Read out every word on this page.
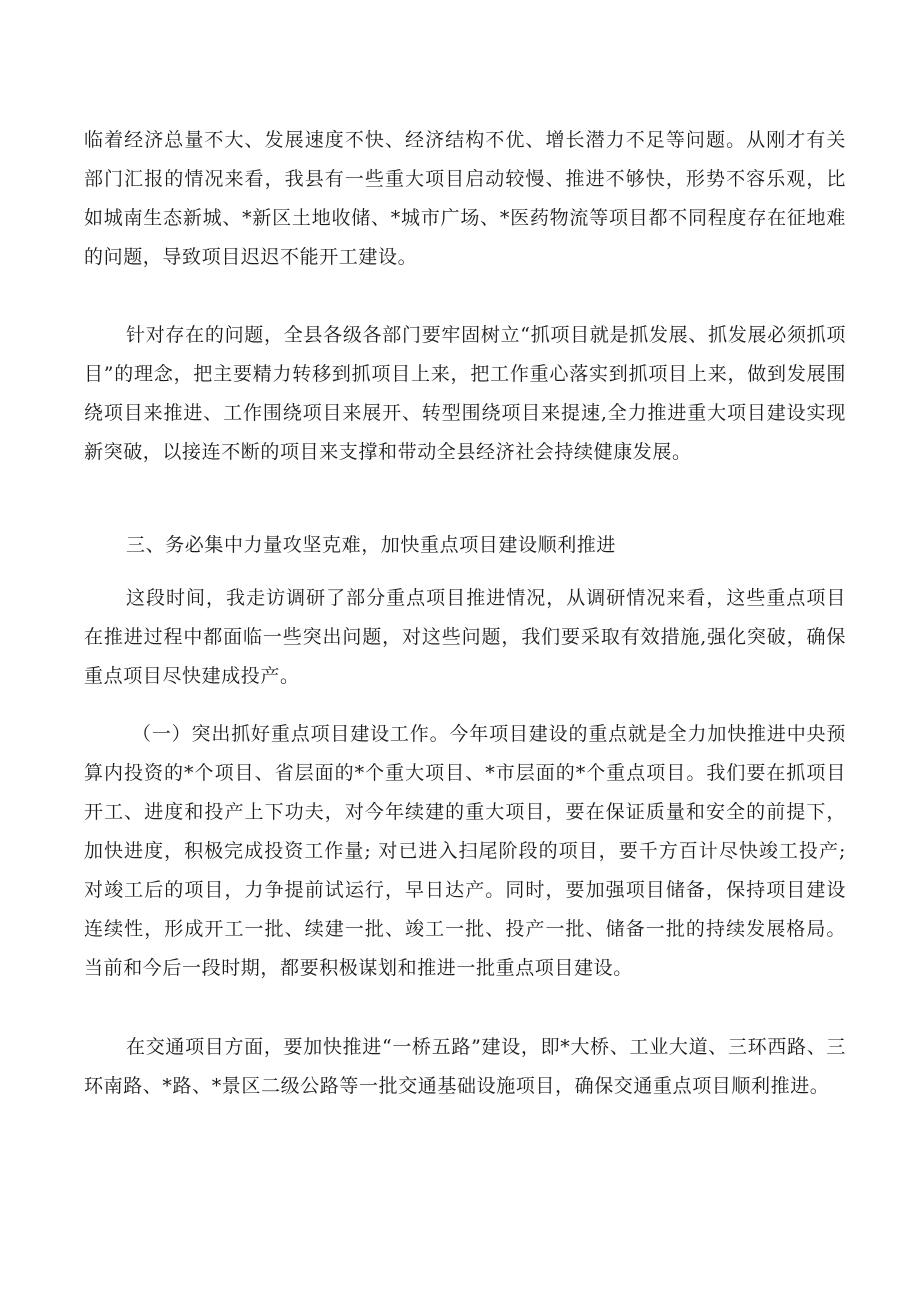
临着经济总量不大、发展速度不快、经济结构不优、增长潜力不足等问题。从刚才有关部门汇报的情况来看，我县有一些重大项目启动较慢、推进不够快，形势不容乐观，比如城南生态新城、*新区土地收储、*城市广场、*医药物流等项目都不同程度存在征地难的问题，导致项目迟迟不能开工建设。

针对存在的问题，全县各级各部门要牢固树立“抓项目就是抓发展、抓发展必须抓项目”的理念，把主要精力转移到抓项目上来，把工作重心落实到抓项目上来，做到发展围绕项目来推进、工作围绕项目来展开、转型围绕项目来提速,全力推进重大项目建设实现新突破，以接连不断的项目来支撑和带动全县经济社会持续健康发展。

三、务必集中力量攻坚克难，加快重点项目建设顺利推进

这段时间，我走访调研了部分重点项目推进情况，从调研情况来看，这些重点项目在推进过程中都面临一些突出问题，对这些问题，我们要采取有效措施,强化突破，确保重点项目尽快建成投产。

（一）突出抓好重点项目建设工作。今年项目建设的重点就是全力加快推进中央预算内投资的*个项目、省层面的*个重大项目、*市层面的*个重点项目。我们要在抓项目开工、进度和投产上下功夫，对今年续建的重大项目，要在保证质量和安全的前提下，加快进度，积极完成投资工作量; 对已进入扫尾阶段的项目，要千方百计尽快竣工投产; 对竣工后的项目，力争提前试运行，早日达产。同时，要加强项目储备，保持项目建设连续性，形成开工一批、续建一批、竣工一批、投产一批、储备一批的持续发展格局。当前和今后一段时期，都要积极谋划和推进一批重点项目建设。

在交通项目方面，要加快推进“一桥五路”建设，即*大桥、工业大道、三环西路、三环南路、*路、*景区二级公路等一批交通基础设施项目，确保交通重点项目顺利推进。
